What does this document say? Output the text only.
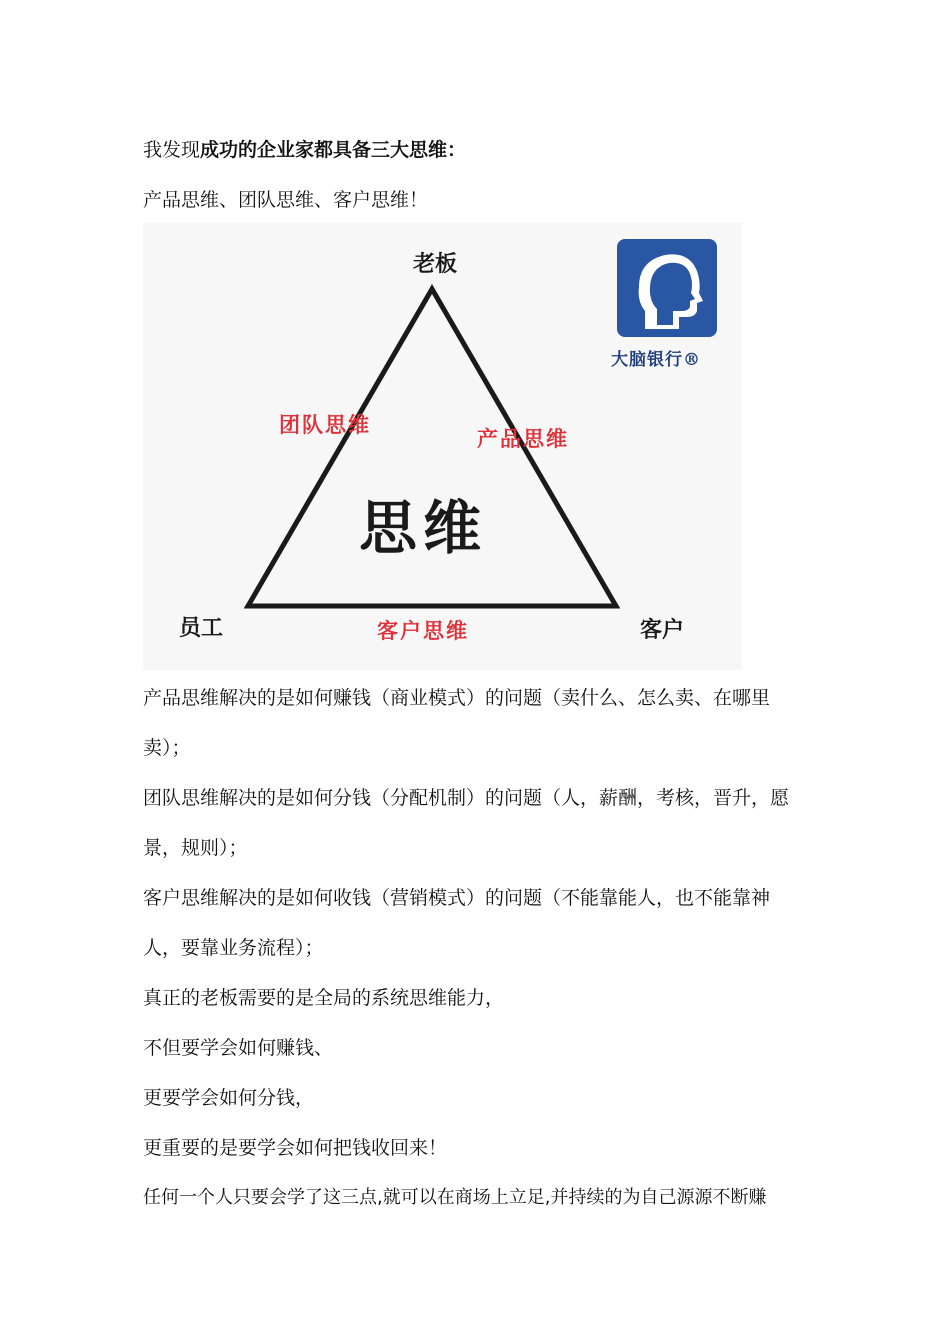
我发现成功的企业家都具备三大思维：
产品思维、团队思维、客户思维！
大脑银行®
老板
员工	客户
团队思维
产品思维
客户思维
思维
产品思维解决的是如何赚钱（商业模式）的问题（卖什么、怎么卖、在哪里
卖）；
团队思维解决的是如何分钱（分配机制）的问题（人，薪酬，考核，晋升，愿
景，规则）；
客户思维解决的是如何收钱（营销模式）的问题（不能靠能人，也不能靠神
人，要靠业务流程）；
真正的老板需要的是全局的系统思维能力，
不但要学会如何赚钱、
更要学会如何分钱，
更重要的是要学会如何把钱收回来！
任何一个人只要会学了这三点,就可以在商场上立足,并持续的为自己源源不断赚
